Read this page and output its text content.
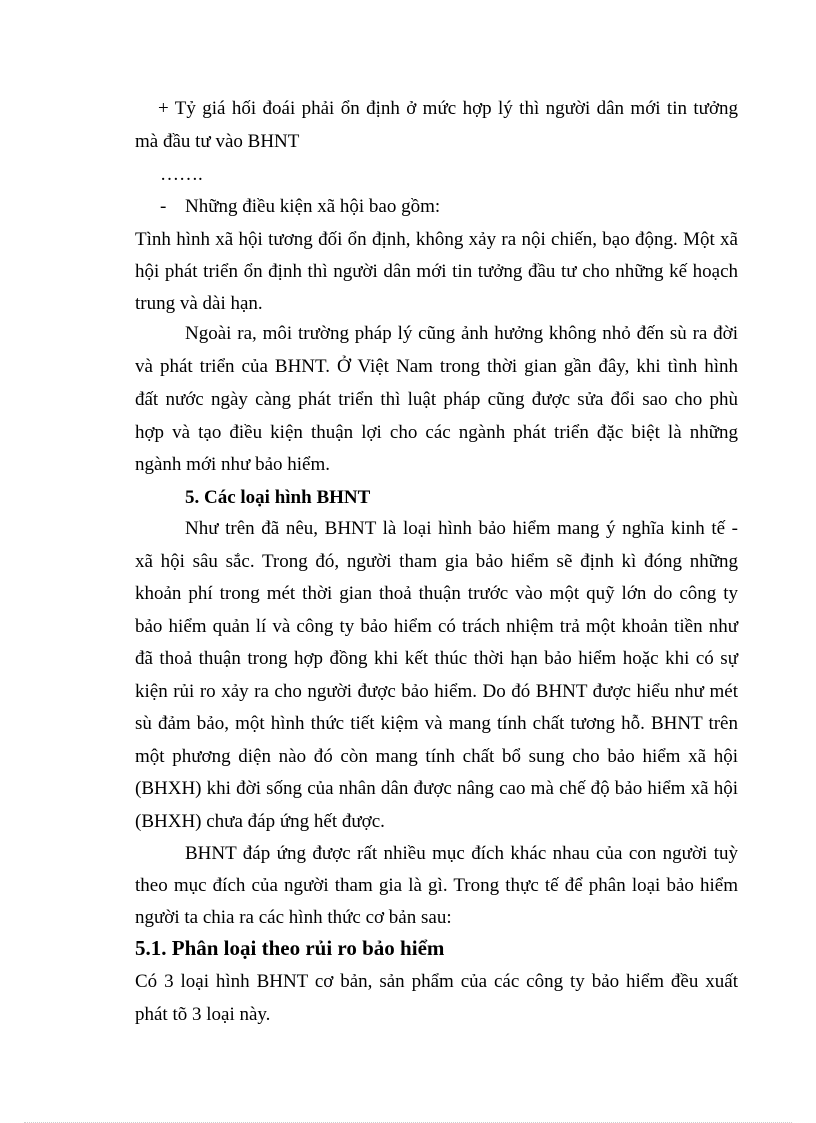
+ Tỷ giá hối đoái phải ổn định ở mức hợp lý thì người dân mới tin tưởng
mà đầu tư vào BHNT
…….
- Những điều kiện xã hội bao gồm:
Tình hình xã hội tương đối ổn định, không xảy ra nội chiến, bạo động. Một xã
hội phát triển ổn định thì người dân mới tin tưởng đầu tư cho những kế hoạch
trung và dài hạn.
Ngoài ra, môi trường pháp lý cũng ảnh hưởng không nhỏ đến sù ra đời
và phát triển của BHNT. Ở Việt Nam trong thời gian gần đây, khi tình hình
đất nước ngày càng phát triển thì luật pháp cũng được sửa đổi sao cho phù
hợp và tạo điều kiện thuận lợi cho các ngành phát triển đặc biệt là những
ngành mới như bảo hiểm.
5. Các loại hình BHNT
Như trên đã nêu, BHNT là loại hình bảo hiểm mang ý nghĩa kinh tế -
xã hội sâu sắc. Trong đó, người tham gia bảo hiểm sẽ định kì đóng những
khoản phí trong mét thời gian thoả thuận trước vào một quỹ lớn do công ty
bảo hiểm quản lí và công ty bảo hiểm có trách nhiệm trả một khoản tiền như
đã thoả thuận trong hợp đồng khi kết thúc thời hạn bảo hiểm hoặc khi có sự
kiện rủi ro xảy ra cho người được bảo hiểm. Do đó BHNT được hiểu như mét
sù đảm bảo, một hình thức tiết kiệm và mang tính chất tương hỗ. BHNT trên
một phương diện nào đó còn mang tính chất bổ sung cho bảo hiểm xã hội
(BHXH) khi đời sống của nhân dân được nâng cao mà chế độ bảo hiểm xã hội
(BHXH) chưa đáp ứng hết được.
BHNT đáp ứng được rất nhiều mục đích khác nhau của con người tuỳ
theo mục đích của người tham gia là gì. Trong thực tế để phân loại bảo hiểm
người ta chia ra các hình thức cơ bản sau:
5.1. Phân loại theo rủi ro bảo hiểm
Có 3 loại hình BHNT cơ bản, sản phẩm của các công ty bảo hiểm đều xuất
phát tõ 3 loại này.
